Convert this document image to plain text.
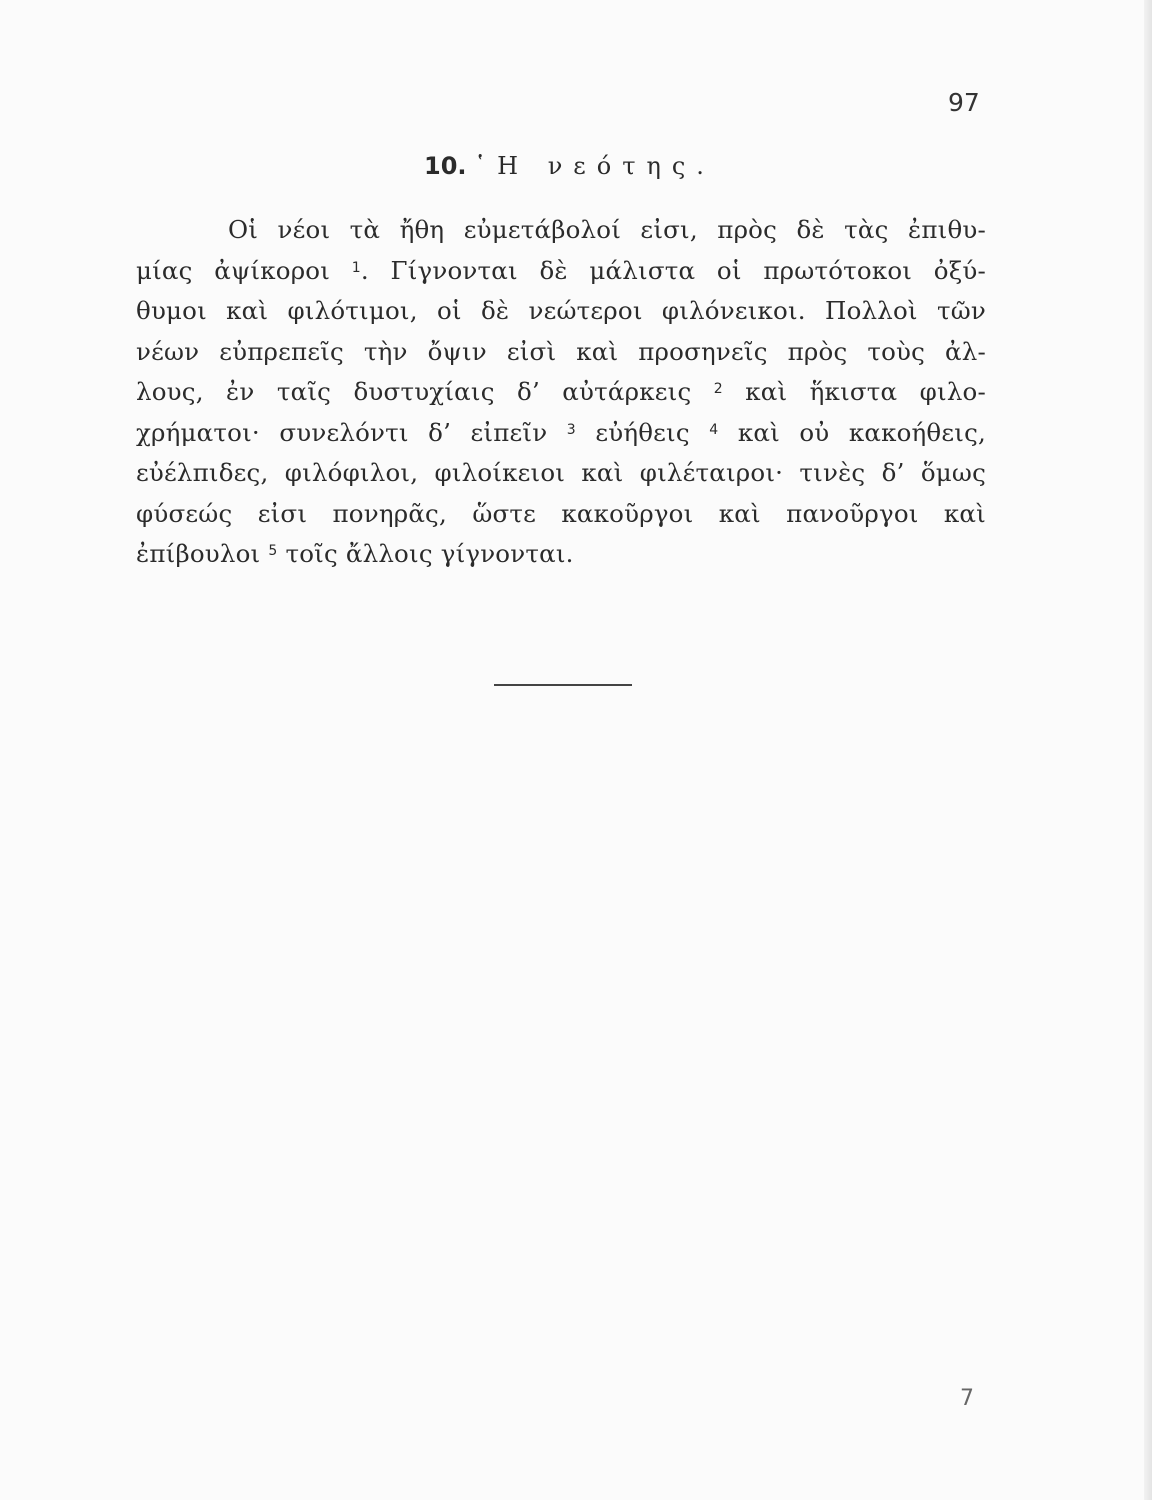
97
10. ῾Η νεότης.
Οἱ νέοι τὰ ἤθη εὐμετάβολοί εἰσι, πρὸς δὲ τὰς ἐπιθυ-
μίας ἀψίκοροι $^1$. Γίγνονται δὲ μάλιστα οἱ πρωτότοκοι ὀξύ-
θυμοι καὶ φιλότιμοι, οἱ δὲ νεώτεροι φιλόνεικοι. Πολλοὶ τῶν
νέων εὐπρεπεῖς τὴν ὄψιν εἰσὶ καὶ προσηνεῖς πρὸς τοὺς ἀλ-
λους, ἐν ταῖς δυστυχίαις δ’ αὐτάρκεις $^2$ καὶ ἥκιστα φιλο-
χρήματοι· συνελόντι δ’ εἰπεῖν $^3$ εὐήθεις $^4$ καὶ οὐ κακοήθεις,
εὐέλπιδες, φιλόφιλοι, φιλοίκειοι καὶ φιλέταιροι· τινὲς δ’ ὅμως
φύσεώς εἰσι πονηρᾶς, ὥστε κακοῦργοι καὶ πανοῦργοι καὶ
ἐπίβουλοι $^5$ τοῖς ἄλλοις γίγνονται.
7
